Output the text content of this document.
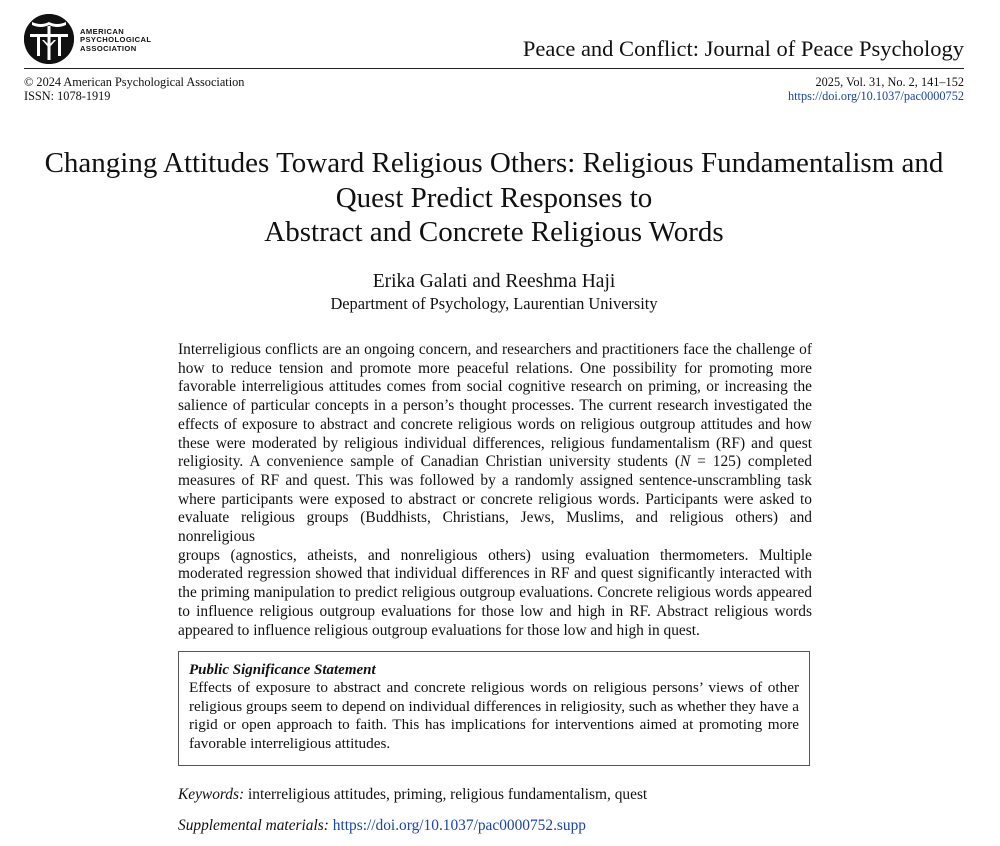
AMERICAN
PSYCHOLOGICAL
ASSOCIATION	Peace and Conflict: Journal of Peace Psychology
© 2024 American Psychological Association
ISSN: 1078-1919
2025, Vol. 31, No. 2, 141–152
https://doi.org/10.1037/pac0000752
Changing Attitudes Toward Religious Others: Religious Fundamentalism and
Quest Predict Responses to
Abstract and Concrete Religious Words
Erika Galati and Reeshma Haji
Department of Psychology, Laurentian University
Interreligious conflicts are an ongoing concern, and researchers and practitioners face the challenge of
how to reduce tension and promote more peaceful relations. One possibility for promoting more
favorable interreligious attitudes comes from social cognitive research on priming, or increasing the
salience of particular concepts in a person’s thought processes. The current research investigated the
effects of exposure to abstract and concrete religious words on religious outgroup attitudes and how
these were moderated by religious individual differences, religious fundamentalism (RF) and quest
religiosity. A convenience sample of Canadian Christian university students (N = 125) completed
measures of RF and quest. This was followed by a randomly assigned sentence-unscrambling task
where participants were exposed to abstract or concrete religious words. Participants were asked to
evaluate religious groups (Buddhists, Christians, Jews, Muslims, and religious others) and nonreligious
groups (agnostics, atheists, and nonreligious others) using evaluation thermometers. Multiple
moderated regression showed that individual differences in RF and quest significantly interacted with
the priming manipulation to predict religious outgroup evaluations. Concrete religious words appeared
to influence religious outgroup evaluations for those low and high in RF. Abstract religious words
appeared to influence religious outgroup evaluations for those low and high in quest.
Public Significance Statement
Effects of exposure to abstract and concrete religious words on religious persons’ views of other
religious groups seem to depend on individual differences in religiosity, such as whether they have a
rigid or open approach to faith. This has implications for interventions aimed at promoting more
favorable interreligious attitudes.
Keywords: interreligious attitudes, priming, religious fundamentalism, quest
Supplemental materials: https://doi.org/10.1037/pac0000752.supp
